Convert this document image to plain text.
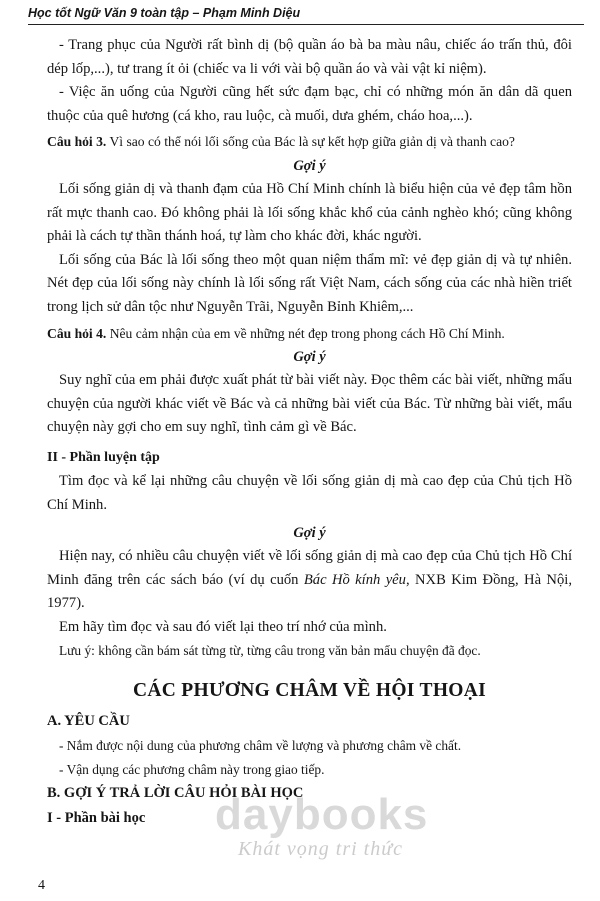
Học tốt Ngữ Văn 9 toàn tập – Phạm Minh Diệu

- Trang phục của Người rất bình dị (bộ quần áo bà ba màu nâu, chiếc áo trấn thủ, đôi dép lốp,...), tư trang ít ỏi (chiếc va li với vài bộ quần áo và vài vật kỉ niệm).

- Việc ăn uống của Người cũng hết sức đạm bạc, chỉ có những món ăn dân dã quen thuộc của quê hương (cá kho, rau luộc, cà muối, dưa ghém, cháo hoa,...).

Câu hỏi 3. Vì sao có thể nói lối sống của Bác là sự kết hợp giữa giản dị và thanh cao?

Gợi ý

Lối sống giản dị và thanh đạm của Hồ Chí Minh chính là biểu hiện của vẻ đẹp tâm hồn rất mực thanh cao. Đó không phải là lối sống khắc khổ của cảnh nghèo khó; cũng không phải là cách tự thần thánh hoá, tự làm cho khác đời, khác người.

Lối sống của Bác là lối sống theo một quan niệm thẩm mĩ: vẻ đẹp giản dị và tự nhiên. Nét đẹp của lối sống này chính là lối sống rất Việt Nam, cách sống của các nhà hiền triết trong lịch sử dân tộc như Nguyễn Trãi, Nguyễn Bỉnh Khiêm,...

Câu hỏi 4. Nêu cảm nhận của em về những nét đẹp trong phong cách Hồ Chí Minh.

Gợi ý

Suy nghĩ của em phải được xuất phát từ bài viết này. Đọc thêm các bài viết, những mẩu chuyện của người khác viết về Bác và cả những bài viết của Bác. Từ những bài viết, mẩu chuyện này gợi cho em suy nghĩ, tình cảm gì về Bác.

II - Phần luyện tập

Tìm đọc và kể lại những câu chuyện về lối sống giản dị mà cao đẹp của Chủ tịch Hồ Chí Minh.

Gợi ý

Hiện nay, có nhiều câu chuyện viết về lối sống giản dị mà cao đẹp của Chủ tịch Hồ Chí Minh đăng trên các sách báo (ví dụ cuốn Bác Hồ kính yêu, NXB Kim Đồng, Hà Nội, 1977).

Em hãy tìm đọc và sau đó viết lại theo trí nhớ của mình.

Lưu ý: không cần bám sát từng từ, từng câu trong văn bản mẩu chuyện đã đọc.

CÁC PHƯƠNG CHÂM VỀ HỘI THOẠI

A. YÊU CẦU

- Nắm được nội dung của phương châm về lượng và phương châm về chất.

- Vận dụng các phương châm này trong giao tiếp.

B. GỢI Ý TRẢ LỜI CÂU HỎI BÀI HỌC

I - Phần bài học	daybooks
Khát vọng tri thức
4
